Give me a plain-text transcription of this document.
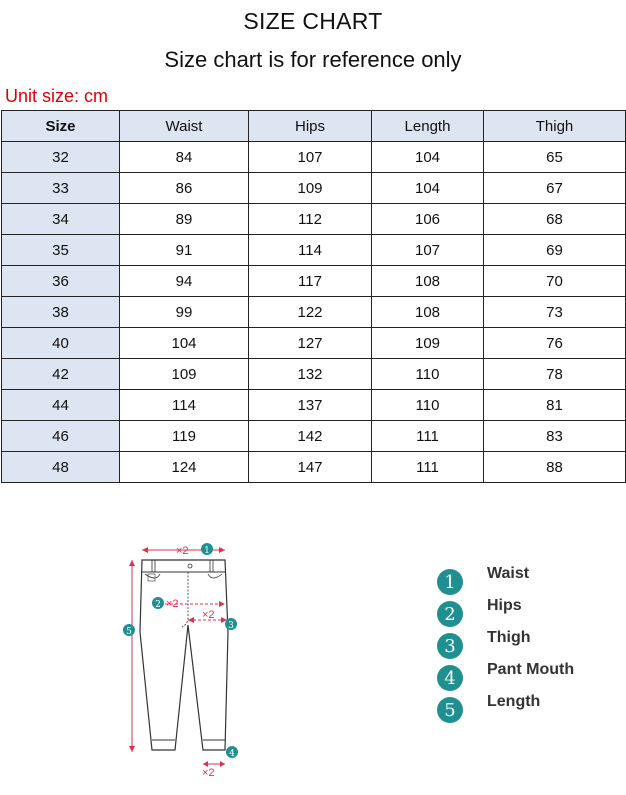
SIZE CHART
Size chart is for reference only
Unit size: cm
Size	Waist	Hips	Length	Thigh
32	84	107	104	65
33	86	109	104	67
34	89	112	106	68
35	91	114	107	69
36	94	117	108	70
38	99	122	108	73
40	104	127	109	76
42	109	132	110	78
44	114	137	110	81
46	119	142	111	83
48	124	147	111	88
×2 1
2 ×2
×2
3
5
×2
4
1	Waist
2	Hips
3	Thigh
4	Pant Mouth
5	Length
